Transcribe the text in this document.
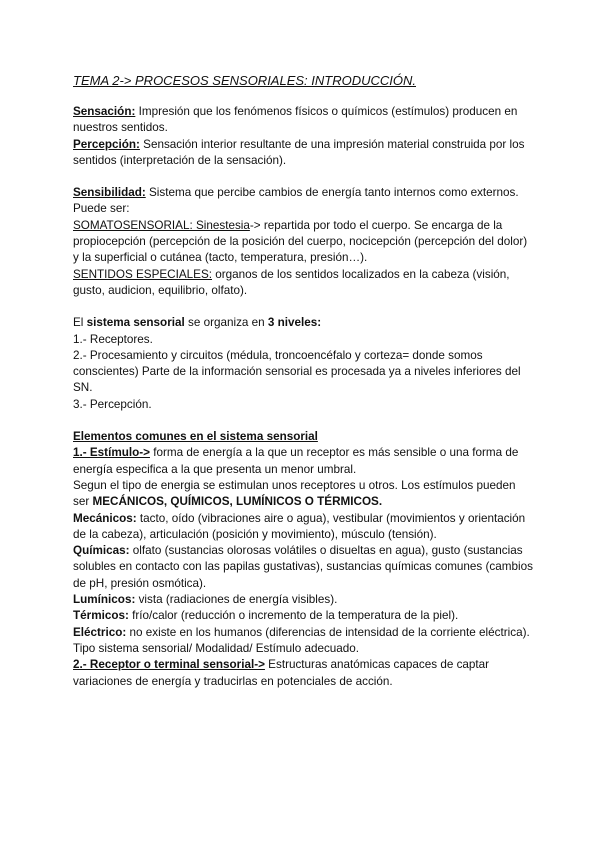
TEMA 2-> PROCESOS SENSORIALES: INTRODUCCIÓN.

Sensación: Impresión que los fenómenos físicos o químicos (estímulos) producen en nuestros sentidos.

Percepción: Sensación interior resultante de una impresión material construida por los sentidos (interpretación de la sensación).

Sensibilidad: Sistema que percibe cambios de energía tanto internos como externos.

Puede ser:

SOMATOSENSORIAL: Sinestesia-> repartida por todo el cuerpo. Se encarga de la propiocepción (percepción de la posición del cuerpo, nocicepción (percepción del dolor) y la superficial o cutánea (tacto, temperatura, presión…).

SENTIDOS ESPECIALES: organos de los sentidos localizados en la cabeza (visión, gusto, audicion, equilibrio, olfato).

El sistema sensorial se organiza en 3 niveles:

1.- Receptores.

2.- Procesamiento y circuitos (médula, troncoencéfalo y corteza= donde somos conscientes) Parte de la información sensorial es procesada ya a niveles inferiores del SN.

3.- Percepción.

Elementos comunes en el sistema sensorial

1.- Estímulo-> forma de energía a la que un receptor es más sensible o una forma de energía especifica a la que presenta un menor umbral.

Segun el tipo de energia se estimulan unos receptores u otros. Los estímulos pueden ser MECÁNICOS, QUÍMICOS, LUMÍNICOS O TÉRMICOS.

Mecánicos: tacto, oído (vibraciones aire o agua), vestibular (movimientos y orientación de la cabeza), articulación (posición y movimiento), músculo (tensión).

Químicas: olfato (sustancias olorosas volátiles o disueltas en agua), gusto (sustancias solubles en contacto con las papilas gustativas), sustancias químicas comunes (cambios de pH, presión osmótica).

Lumínicos: vista (radiaciones de energía visibles).

Térmicos: frío/calor (reducción o incremento de la temperatura de la piel).

Eléctrico: no existe en los humanos (diferencias de intensidad de la corriente eléctrica).

Tipo sistema sensorial/ Modalidad/ Estímulo adecuado.

2.- Receptor o terminal sensorial-> Estructuras anatómicas capaces de captar variaciones de energía y traducirlas en potenciales de acción.
